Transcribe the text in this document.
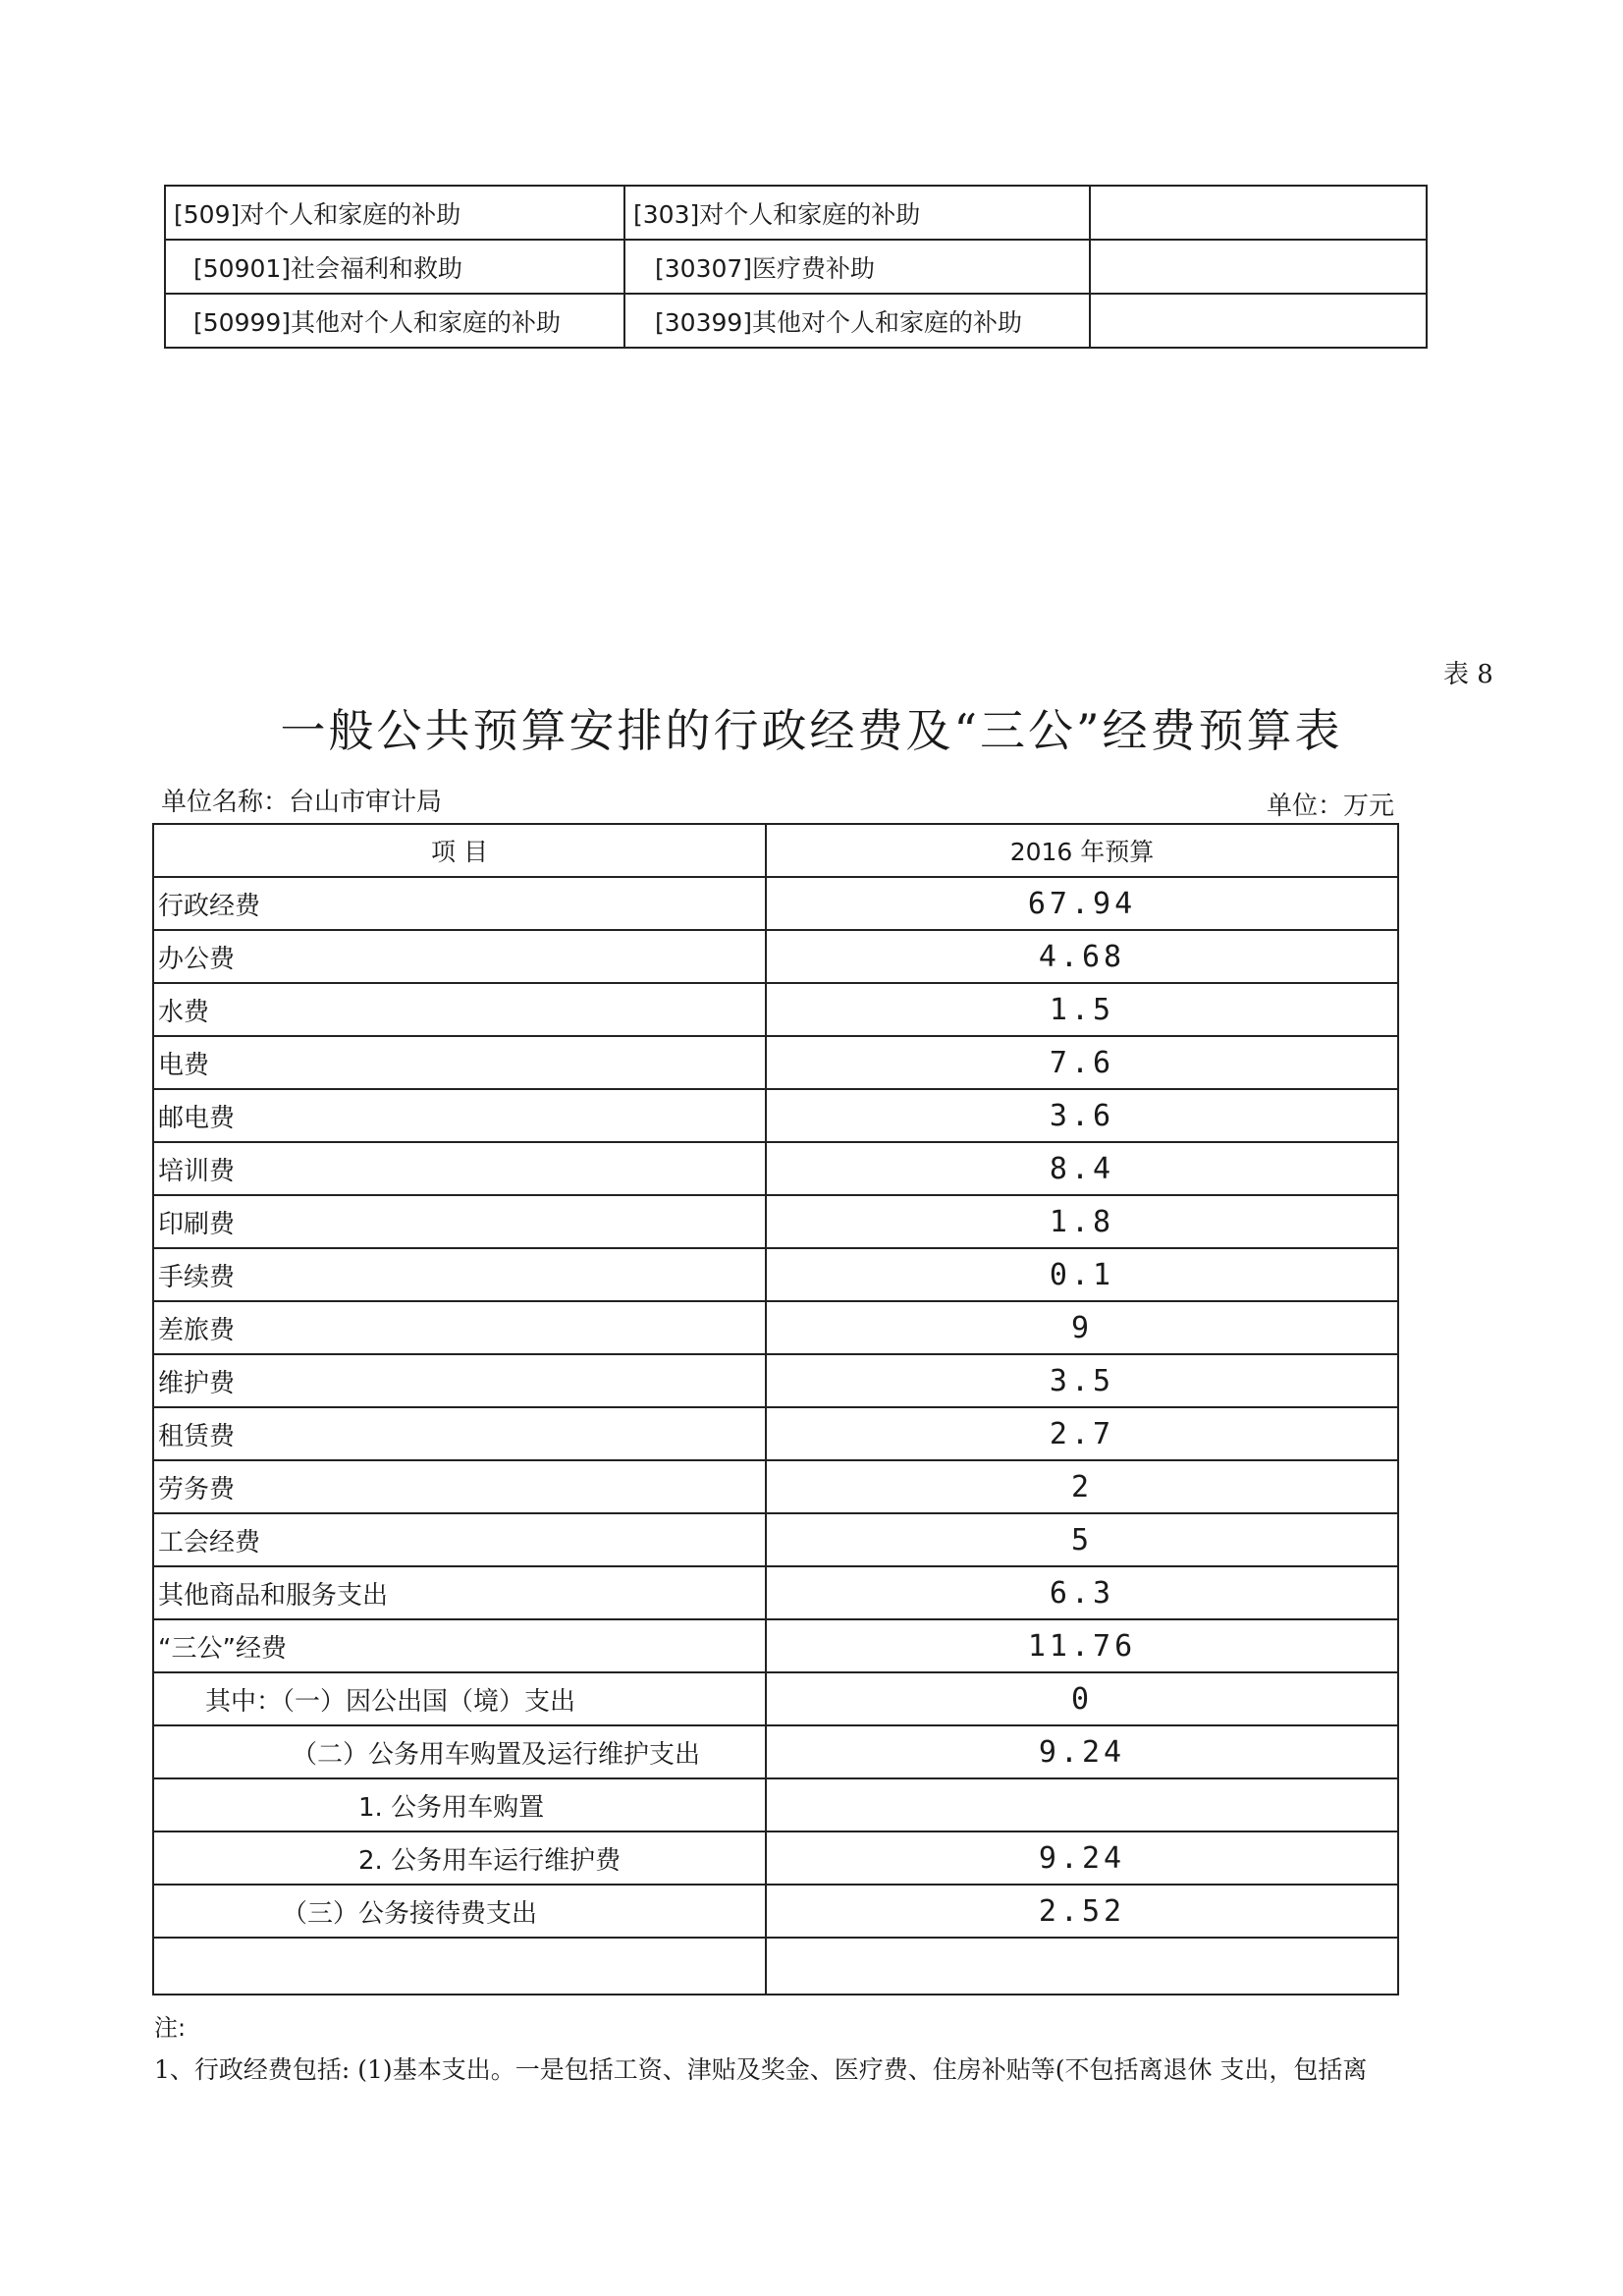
[509]对个人和家庭的补助	[303]对个人和家庭的补助	
[50901]社会福利和救助	[30307]医疗费补助	
[50999]其他对个人和家庭的补助	[30399]其他对个人和家庭的补助	
表 8
一般公共预算安排的行政经费及“三公”经费预算表
单位名称：台山市审计局	单位：万元
项 目	2016 年预算
行政经费	67.94
办公费	4.68
水费	1.5
电费	7.6
邮电费	3.6
培训费	8.4
印刷费	1.8
手续费	0.1
差旅费	9
维护费	3.5
租赁费	2.7
劳务费	2
工会经费	5
其他商品和服务支出	6.3
“三公”经费	11.76
其中：（一）因公出国（境）支出	0
（二）公务用车购置及运行维护支出	9.24
1. 公务用车购置	
2. 公务用车运行维护费	9.24
（三）公务接待费支出	2.52

注:
1、行政经费包括: (1)基本支出。一是包括工资、津贴及奖金、医疗费、住房补贴等(不包括离退休 支出，包括离
